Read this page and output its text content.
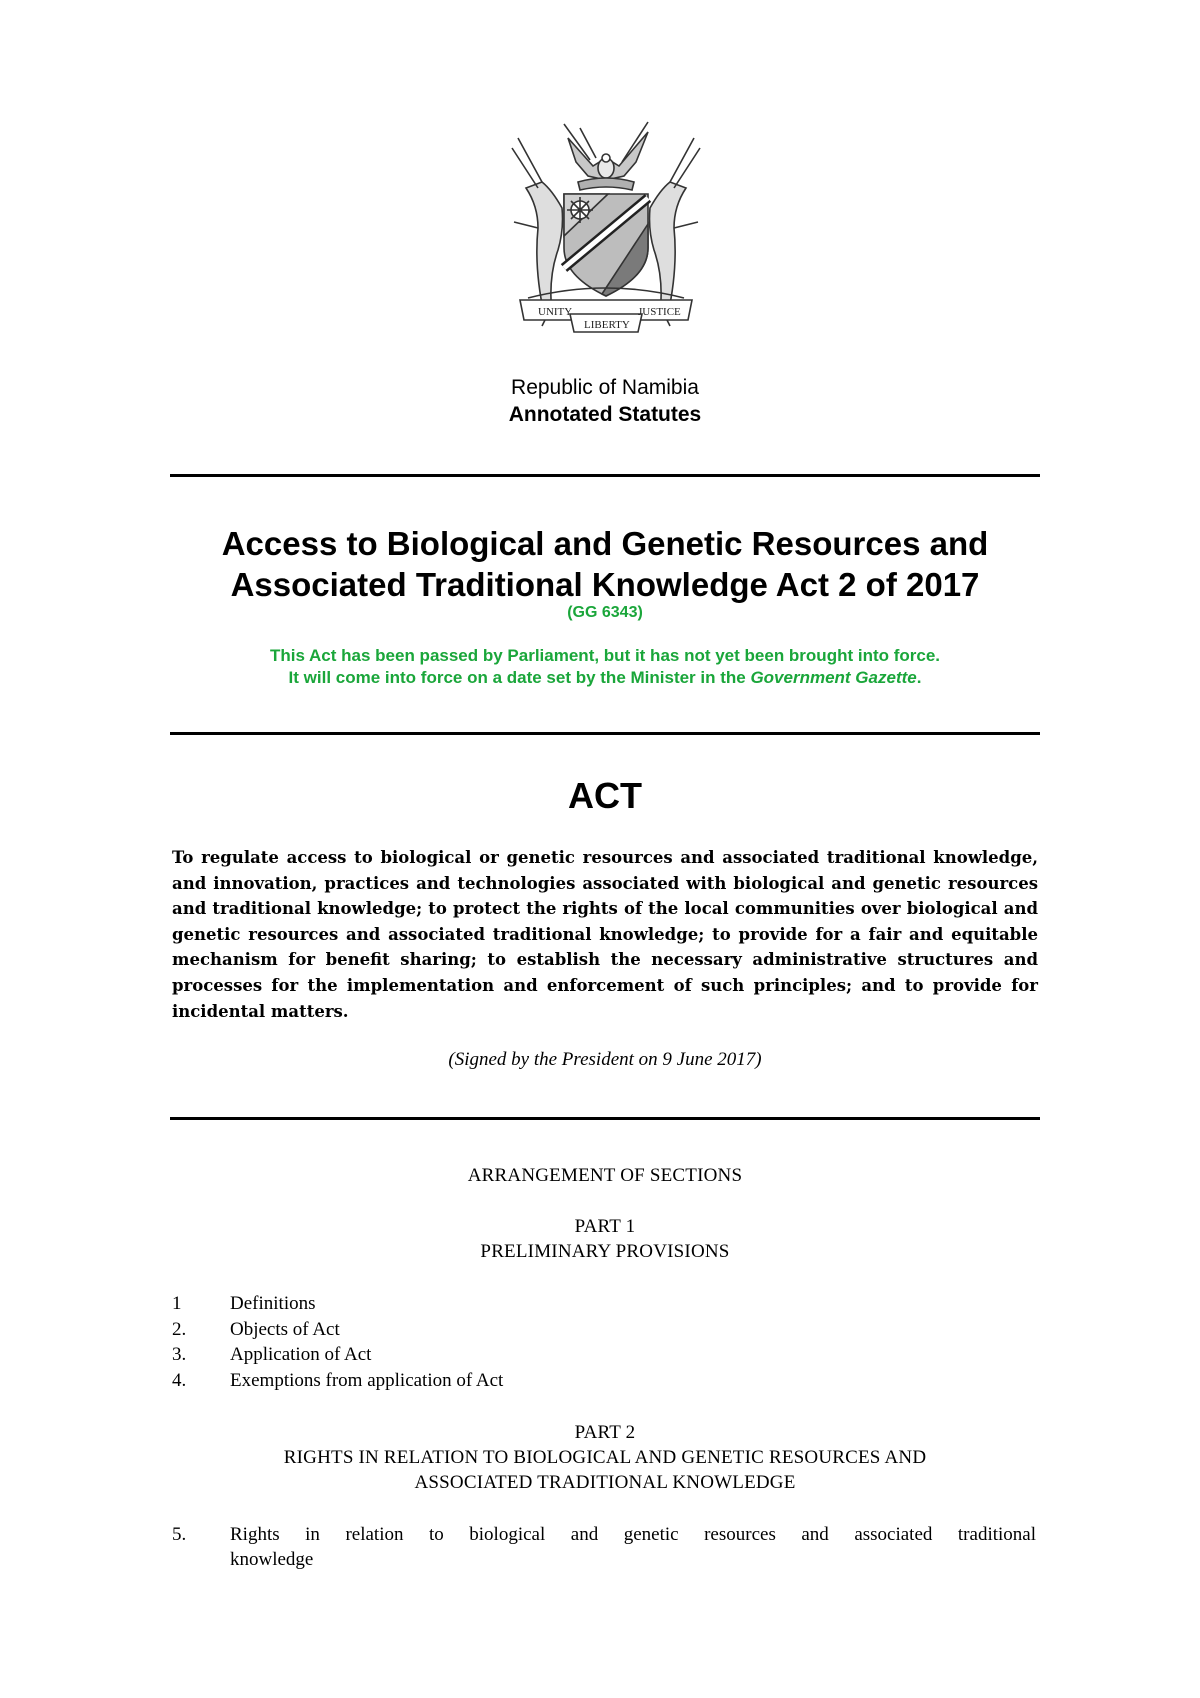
UNITY
LIBERTY
JUSTICE
Republic of Namibia
Annotated Statutes
Access to Biological and Genetic Resources and
Associated Traditional Knowledge Act 2 of 2017
(GG 6343)
This Act has been passed by Parliament, but it has not yet been brought into force.
It will come into force on a date set by the Minister in the Government Gazette.
ACT
To regulate access to biological or genetic resources and associated traditional knowledge, and innovation, practices and technologies associated with biological and genetic resources and traditional knowledge; to protect the rights of the local communities over biological and genetic resources and associated traditional knowledge; to provide for a fair and equitable mechanism for benefit sharing; to establish the necessary administrative structures and processes for the implementation and enforcement of such principles; and to provide for incidental matters.
(Signed by the President on 9 June 2017)
ARRANGEMENT OF SECTIONS
PART 1
PRELIMINARY PROVISIONS
1	Definitions
2. Objects of Act
3. Application of Act
4. Exemptions from application of Act
PART 2
RIGHTS IN RELATION TO BIOLOGICAL AND GENETIC RESOURCES AND
ASSOCIATED TRADITIONAL KNOWLEDGE
5. Rights in relation to biological and genetic resources and associated traditional
knowledge
